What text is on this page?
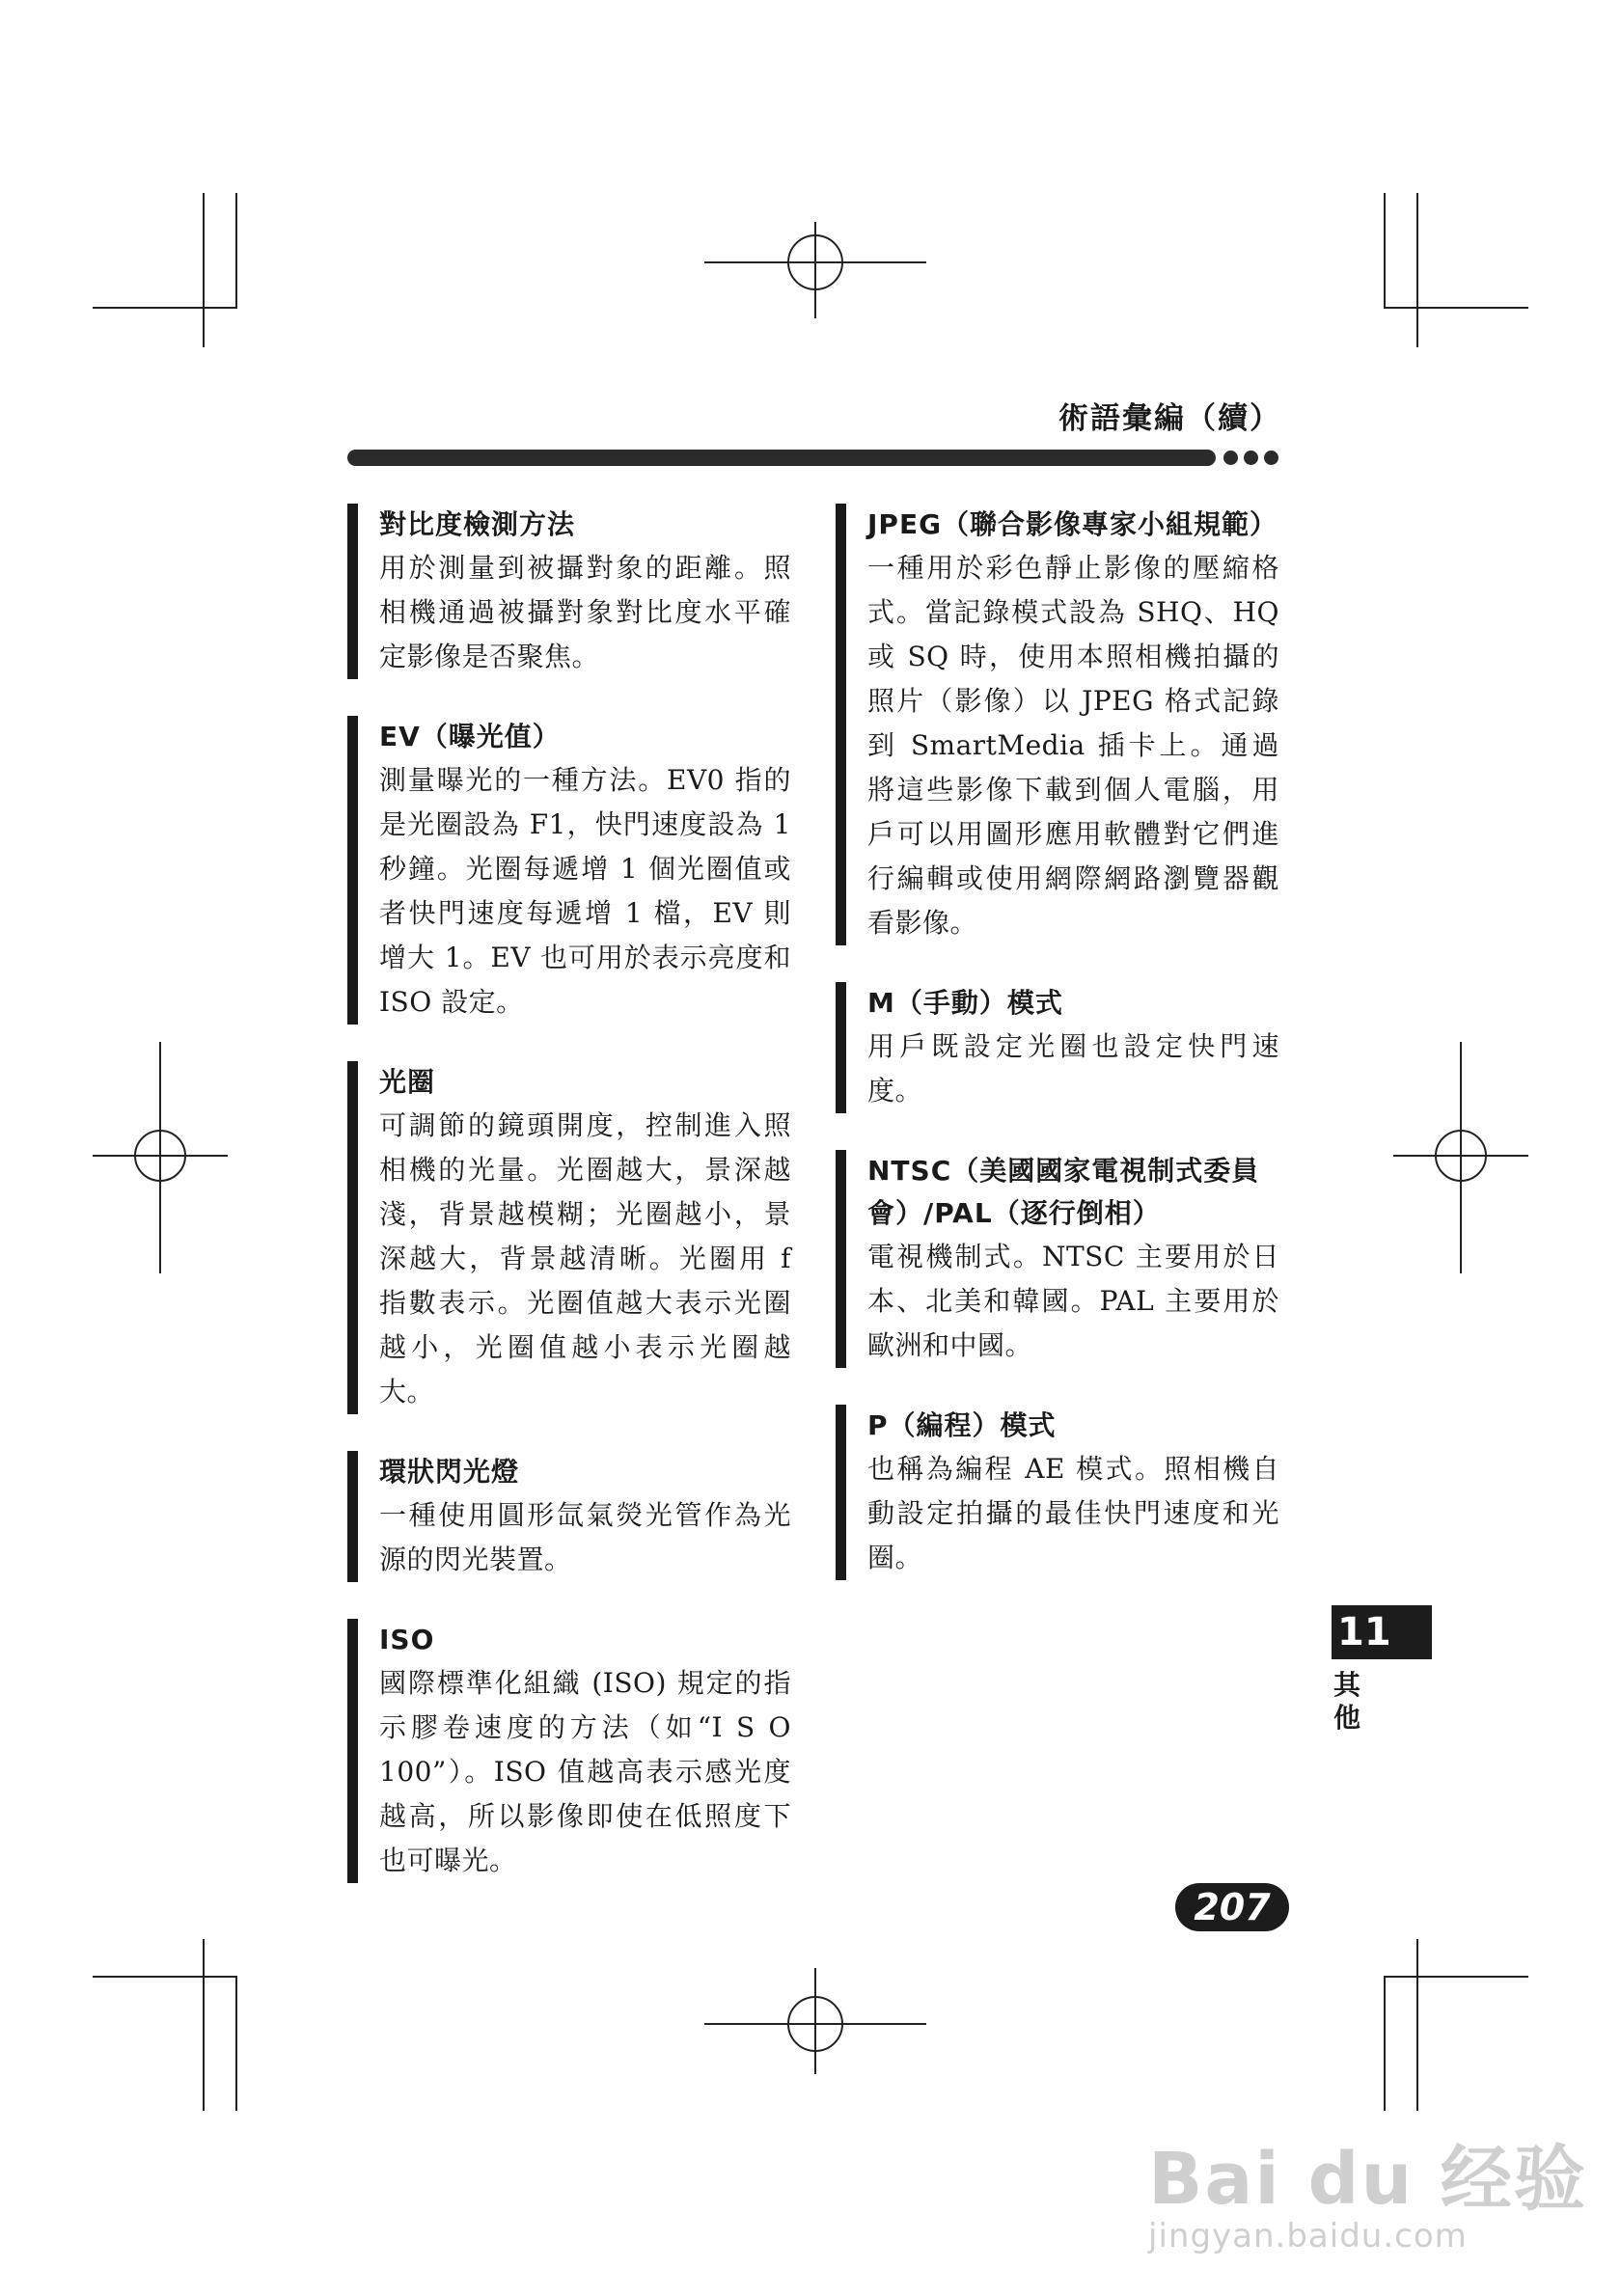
術語彙編（續）

對比度檢測方法

用於測量到被攝對象的距離。照相機通過被攝對象對比度水平確定影像是否聚焦。

EV（曝光值）

測量曝光的一種方法。EV0 指的是光圈設為 F1，快門速度設為 1 秒鐘。光圈每遞增 1 個光圈值或者快門速度每遞增 1 檔，EV 則增大 1。EV 也可用於表示亮度和 ISO 設定。

光圈

可調節的鏡頭開度，控制進入照相機的光量。光圈越大，景深越淺，背景越模糊；光圈越小，景深越大，背景越清晰。光圈用 f 指數表示。光圈值越大表示光圈越小，光圈值越小表示光圈越大。

環狀閃光燈

一種使用圓形氙氣熒光管作為光源的閃光裝置。

ISO

國際標準化組織 (ISO) 規定的指示膠卷速度的方法（如“I S O 100”）。ISO 值越高表示感光度越高，所以影像即使在低照度下也可曝光。

JPEG（聯合影像專家小組規範）

一種用於彩色靜止影像的壓縮格式。當記錄模式設為 SHQ、HQ 或 SQ 時，使用本照相機拍攝的照片（影像）以 JPEG 格式記錄到 SmartMedia 插卡上。通過將這些影像下載到個人電腦，用戶可以用圖形應用軟體對它們進行編輯或使用網際網路瀏覽器觀看影像。

M（手動）模式

用戶既設定光圈也設定快門速度。

NTSC（美國國家電視制式委員會）/PAL（逐行倒相）

電視機制式。NTSC 主要用於日本、北美和韓國。PAL 主要用於歐洲和中國。

P（編程）模式

也稱為編程 AE 模式。照相機自動設定拍攝的最佳快門速度和光圈。

11
其他
207
Bai du 经验
jingyan.baidu.com
